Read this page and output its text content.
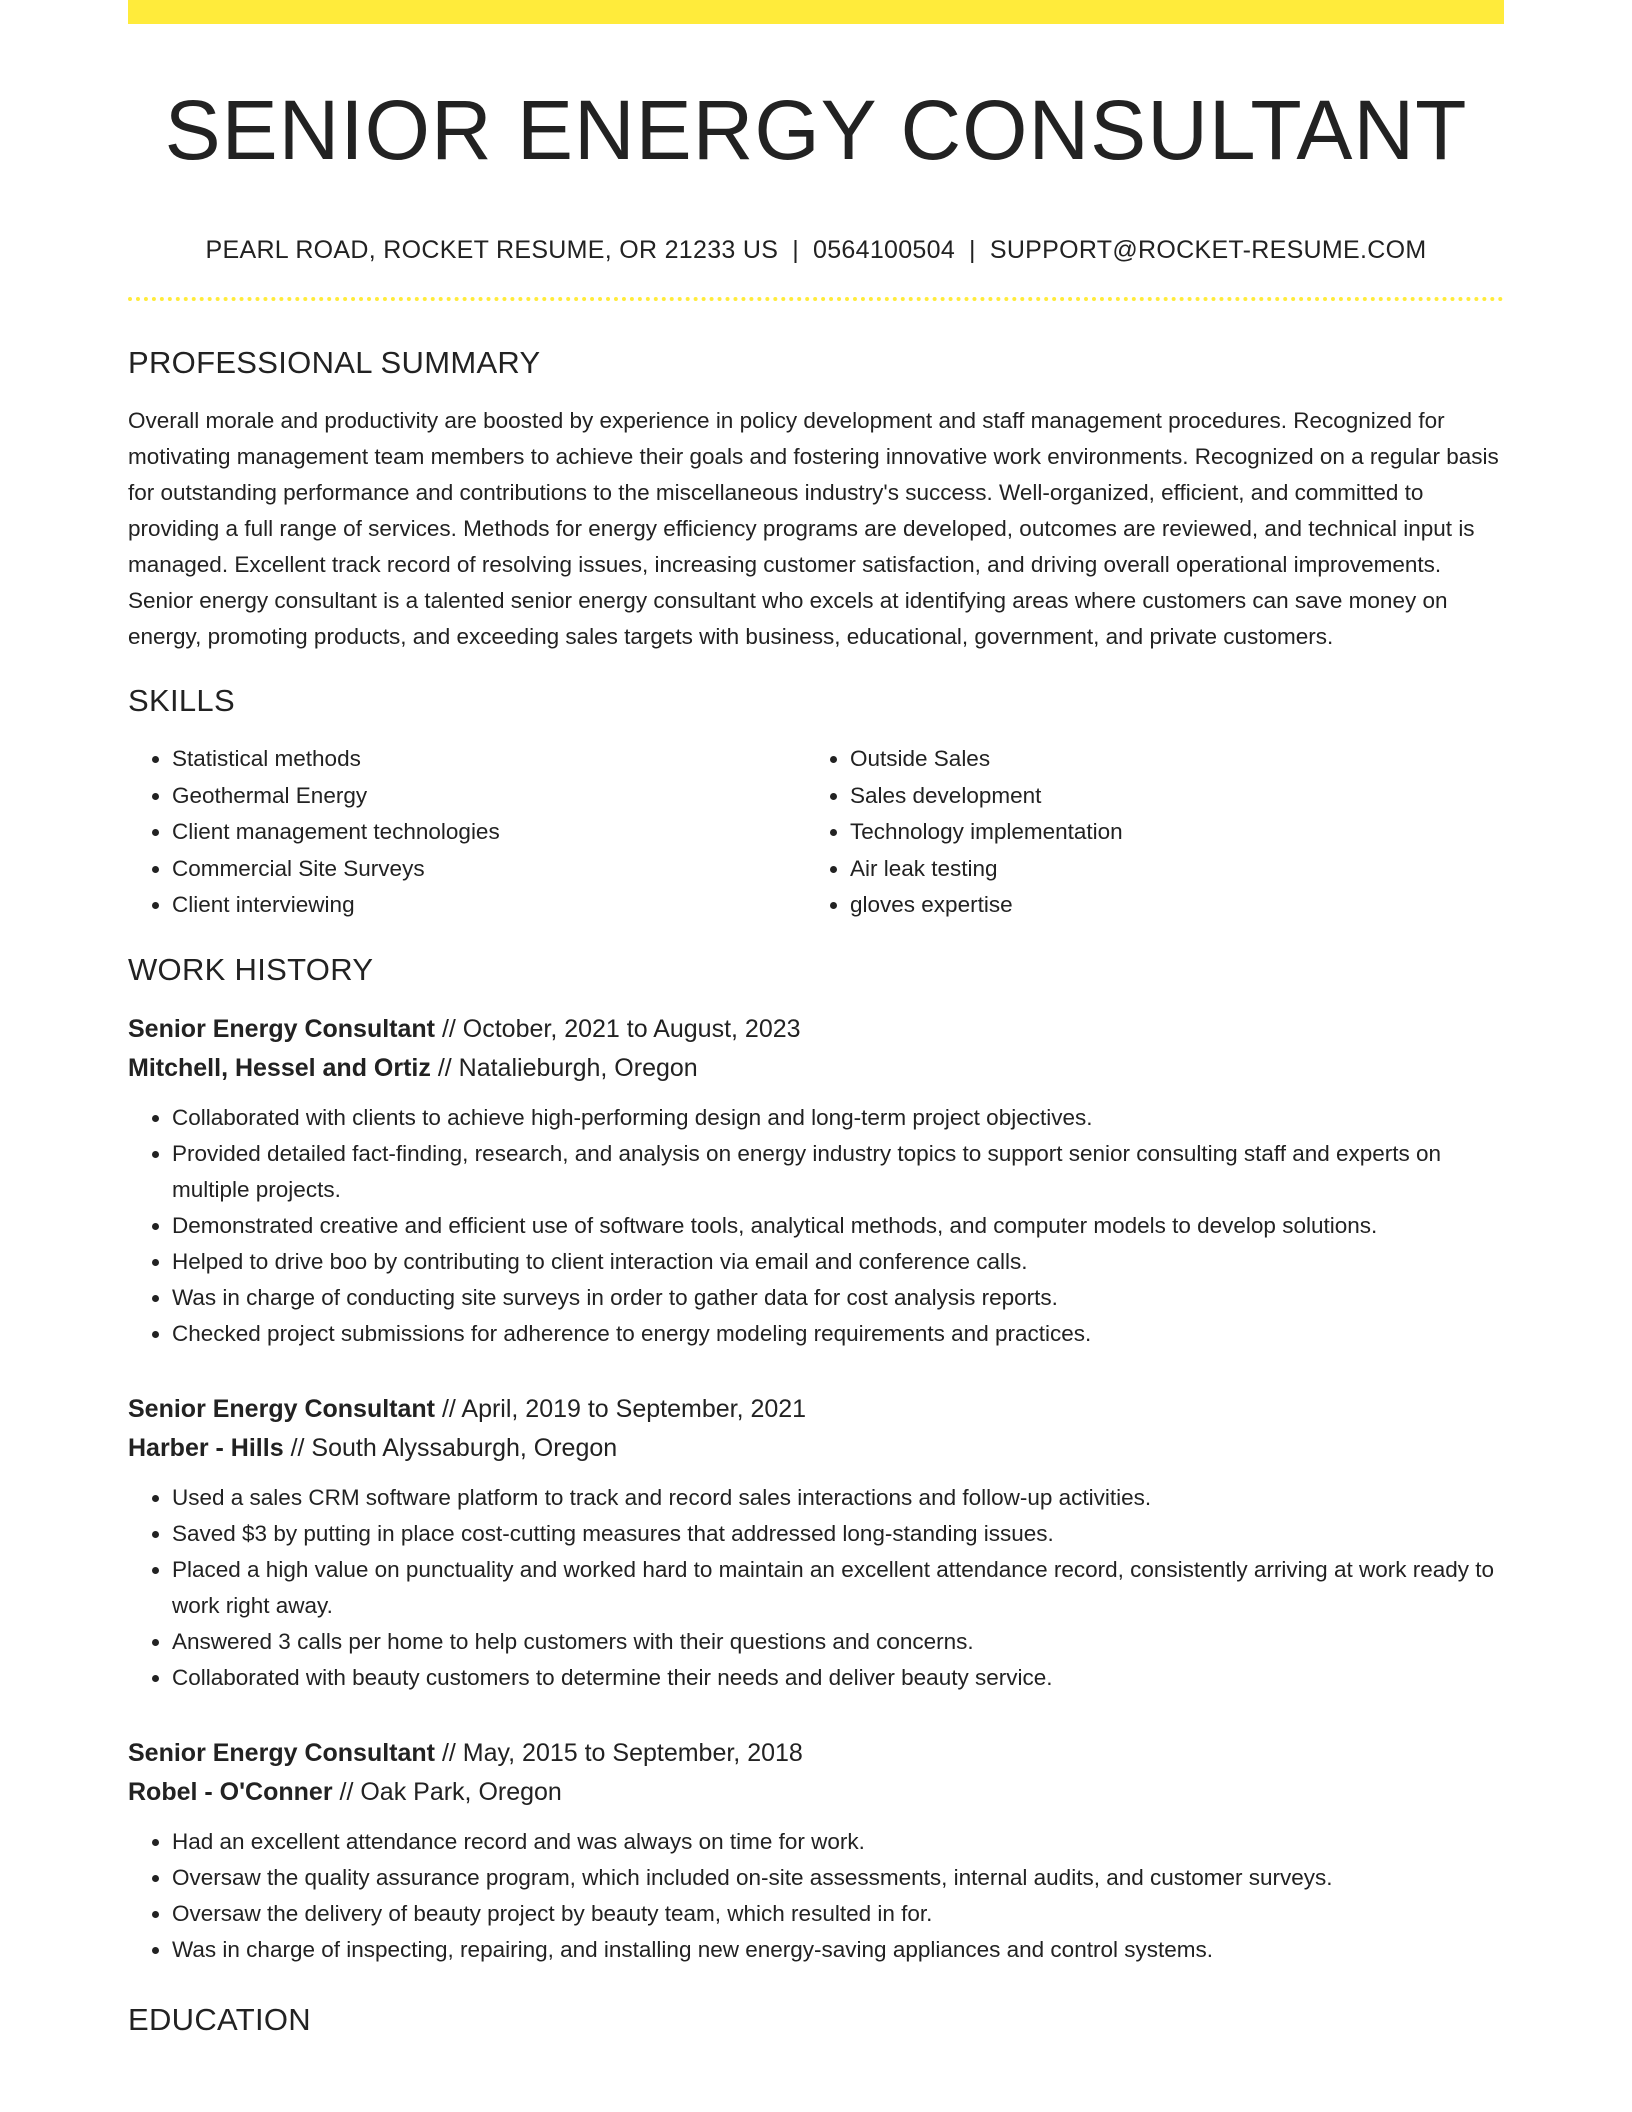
SENIOR ENERGY CONSULTANT
PEARL ROAD, ROCKET RESUME, OR 21233 US | 0564100504 | SUPPORT@ROCKET-RESUME.COM
PROFESSIONAL SUMMARY
Overall morale and productivity are boosted by experience in policy development and staff management procedures. Recognized for motivating management team members to achieve their goals and fostering innovative work environments. Recognized on a regular basis for outstanding performance and contributions to the miscellaneous industry's success. Well-organized, efficient, and committed to providing a full range of services. Methods for energy efficiency programs are developed, outcomes are reviewed, and technical input is managed. Excellent track record of resolving issues, increasing customer satisfaction, and driving overall operational improvements. Senior energy consultant is a talented senior energy consultant who excels at identifying areas where customers can save money on energy, promoting products, and exceeding sales targets with business, educational, government, and private customers.
SKILLS
• Statistical methods
• Geothermal Energy
• Client management technologies
• Commercial Site Surveys
• Client interviewing
• Outside Sales
• Sales development
• Technology implementation
• Air leak testing
• gloves expertise
WORK HISTORY
Senior Energy Consultant // October, 2021 to August, 2023
Mitchell, Hessel and Ortiz // Natalieburgh, Oregon
• Collaborated with clients to achieve high-performing design and long-term project objectives.
• Provided detailed fact-finding, research, and analysis on energy industry topics to support senior consulting staff and experts on multiple projects.
• Demonstrated creative and efficient use of software tools, analytical methods, and computer models to develop solutions.
• Helped to drive boo by contributing to client interaction via email and conference calls.
• Was in charge of conducting site surveys in order to gather data for cost analysis reports.
• Checked project submissions for adherence to energy modeling requirements and practices.
Senior Energy Consultant // April, 2019 to September, 2021
Harber - Hills // South Alyssaburgh, Oregon
• Used a sales CRM software platform to track and record sales interactions and follow-up activities.
• Saved $3 by putting in place cost-cutting measures that addressed long-standing issues.
• Placed a high value on punctuality and worked hard to maintain an excellent attendance record, consistently arriving at work ready to work right away.
• Answered 3 calls per home to help customers with their questions and concerns.
• Collaborated with beauty customers to determine their needs and deliver beauty service.
Senior Energy Consultant // May, 2015 to September, 2018
Robel - O'Conner // Oak Park, Oregon
• Had an excellent attendance record and was always on time for work.
• Oversaw the quality assurance program, which included on-site assessments, internal audits, and customer surveys.
• Oversaw the delivery of beauty project by beauty team, which resulted in for.
• Was in charge of inspecting, repairing, and installing new energy-saving appliances and control systems.
EDUCATION
